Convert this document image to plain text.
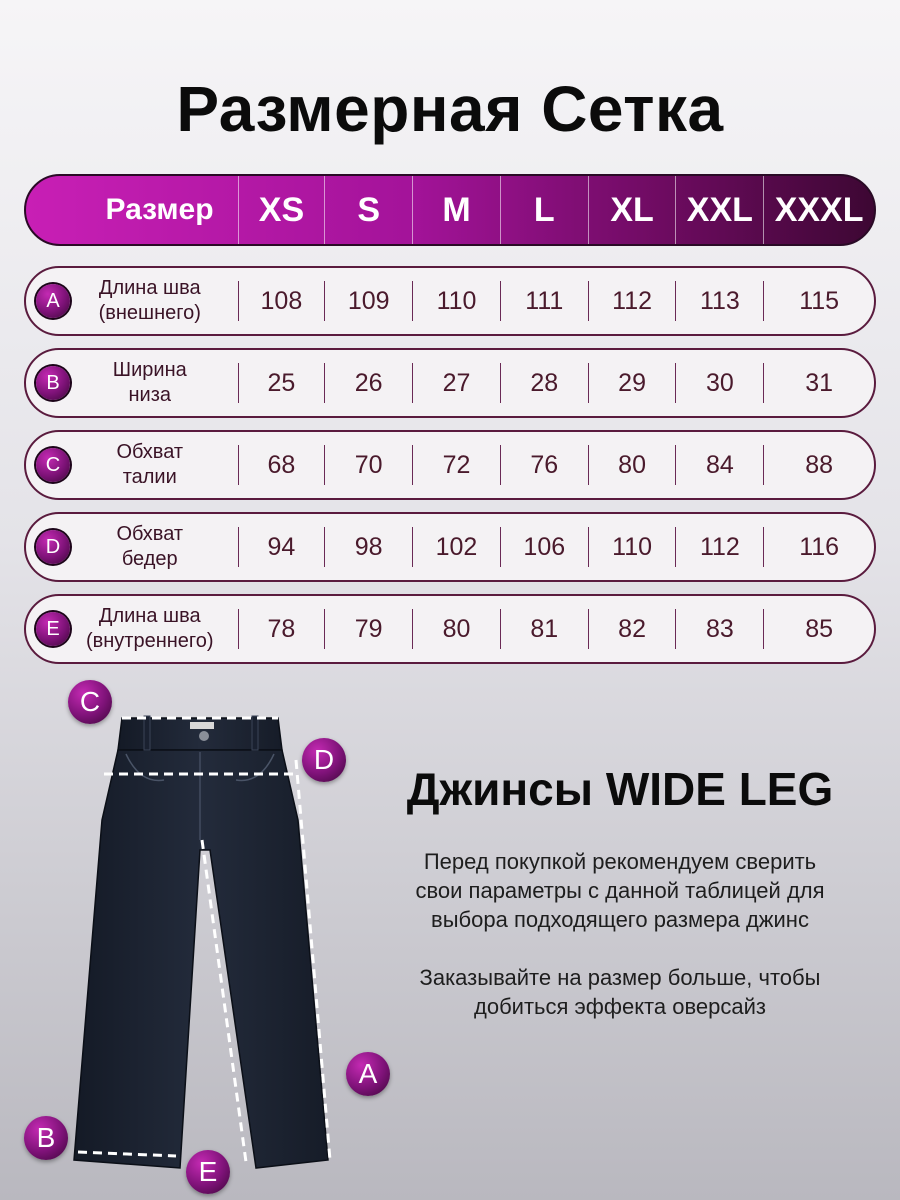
Размерная Сетка
Размер XS S M L XL XXL XXXL
A
Длина шва
(внешнего) 108 109 110 111 112 113 115
B
Ширина
низа	25 26 27 28 29 30	31
C
Обхват
талии	68 70 72 76 80 84	88
D
Обхват
бедер	94 98 102 106 110 112 116
E
Длина шва
(внутреннего) 78 79 80 81 82 83	85
C
D
A
B
E
Джинсы WIDE LEG
Перед покупкой рекомендуем сверить
свои параметры с данной таблицей для
выбора подходящего размера джинс
Заказывайте на размер больше, чтобы
добиться эффекта оверсайз
